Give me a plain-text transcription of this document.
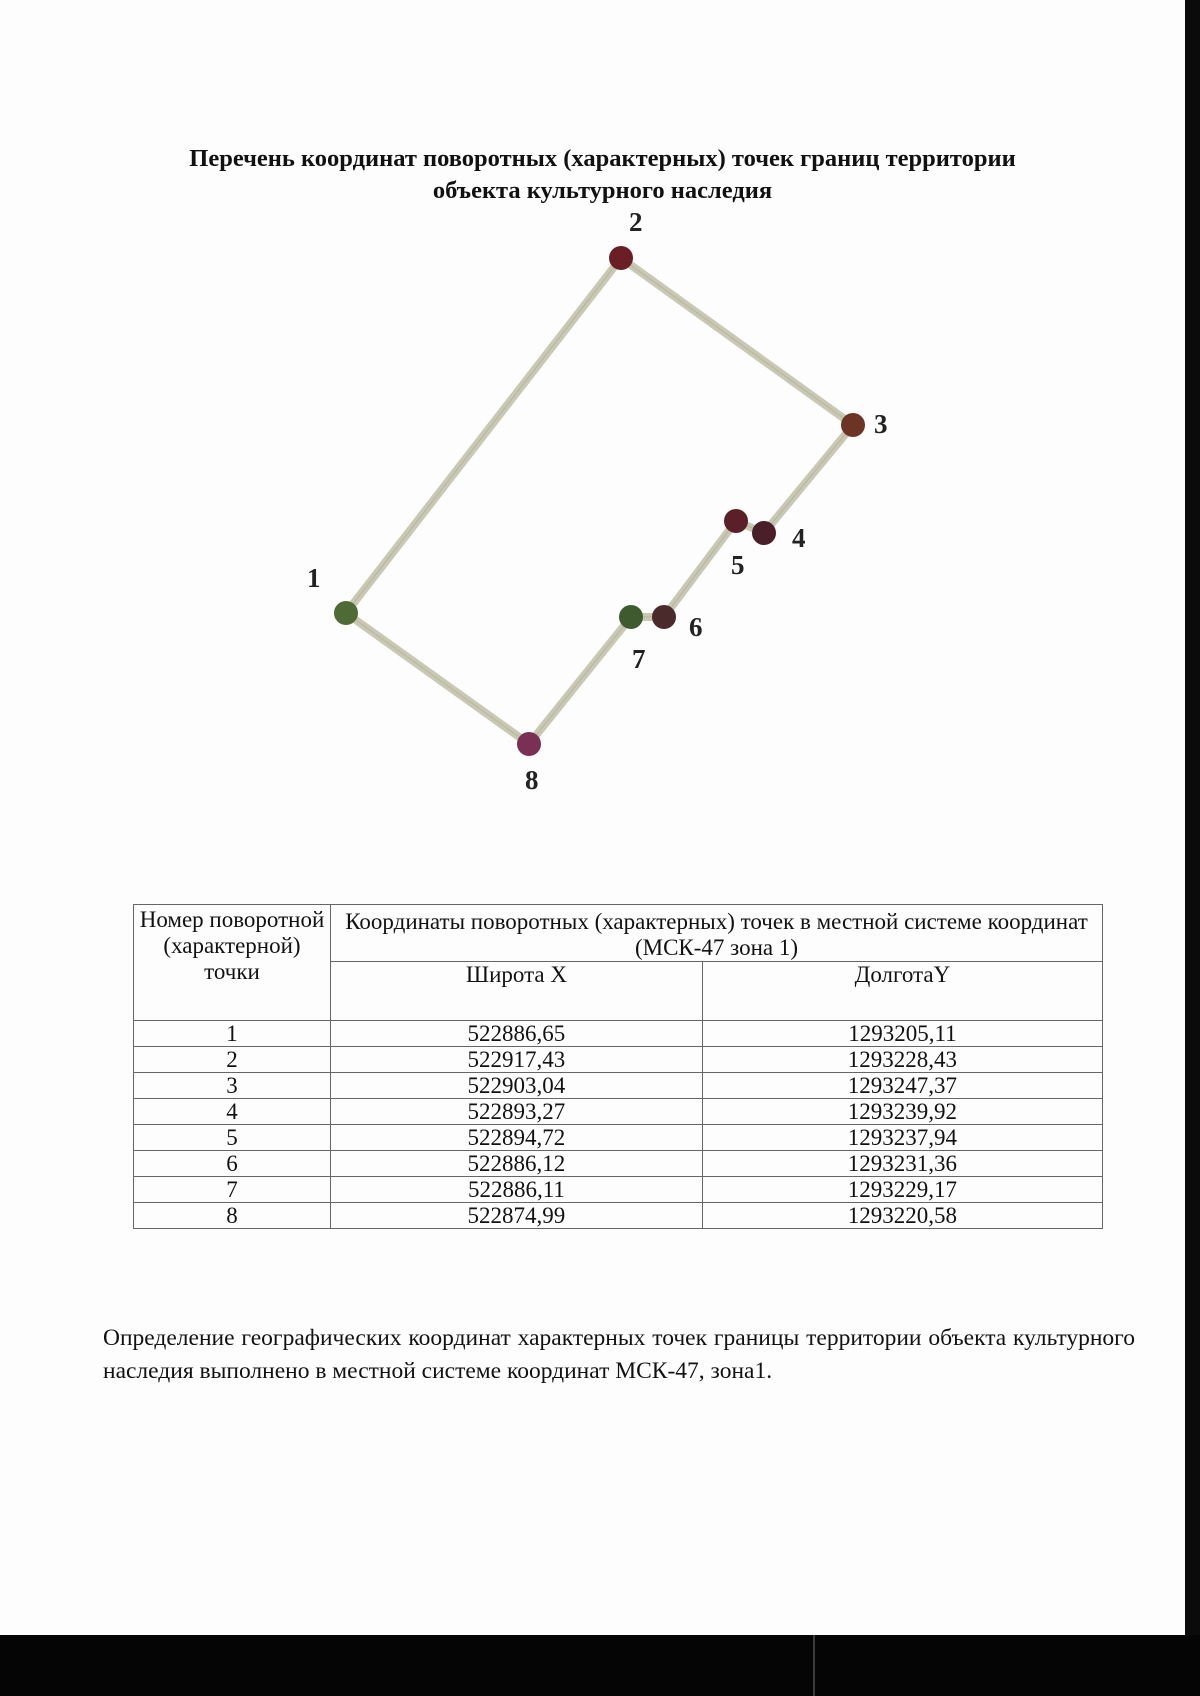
Перечень координат поворотных (характерных) точек границ территории
объекта культурного наследия
1
2
3
4
5
6
7
8
Номер поворотной (характерной) точки	Координаты поворотных (характерных) точек в местной системе координат (МСК-47 зона 1)	
	Широта X	ДолготаY
1	522886,65	1293205,11
2	522917,43	1293228,43
3	522903,04	1293247,37
4	522893,27	1293239,92
5	522894,72	1293237,94
6	522886,12	1293231,36
7	522886,11	1293229,17
8	522874,99	1293220,58
Определение географических координат характерных точек границы территории объекта культурного наследия выполнено в местной системе координат МСК-47, зона1.
